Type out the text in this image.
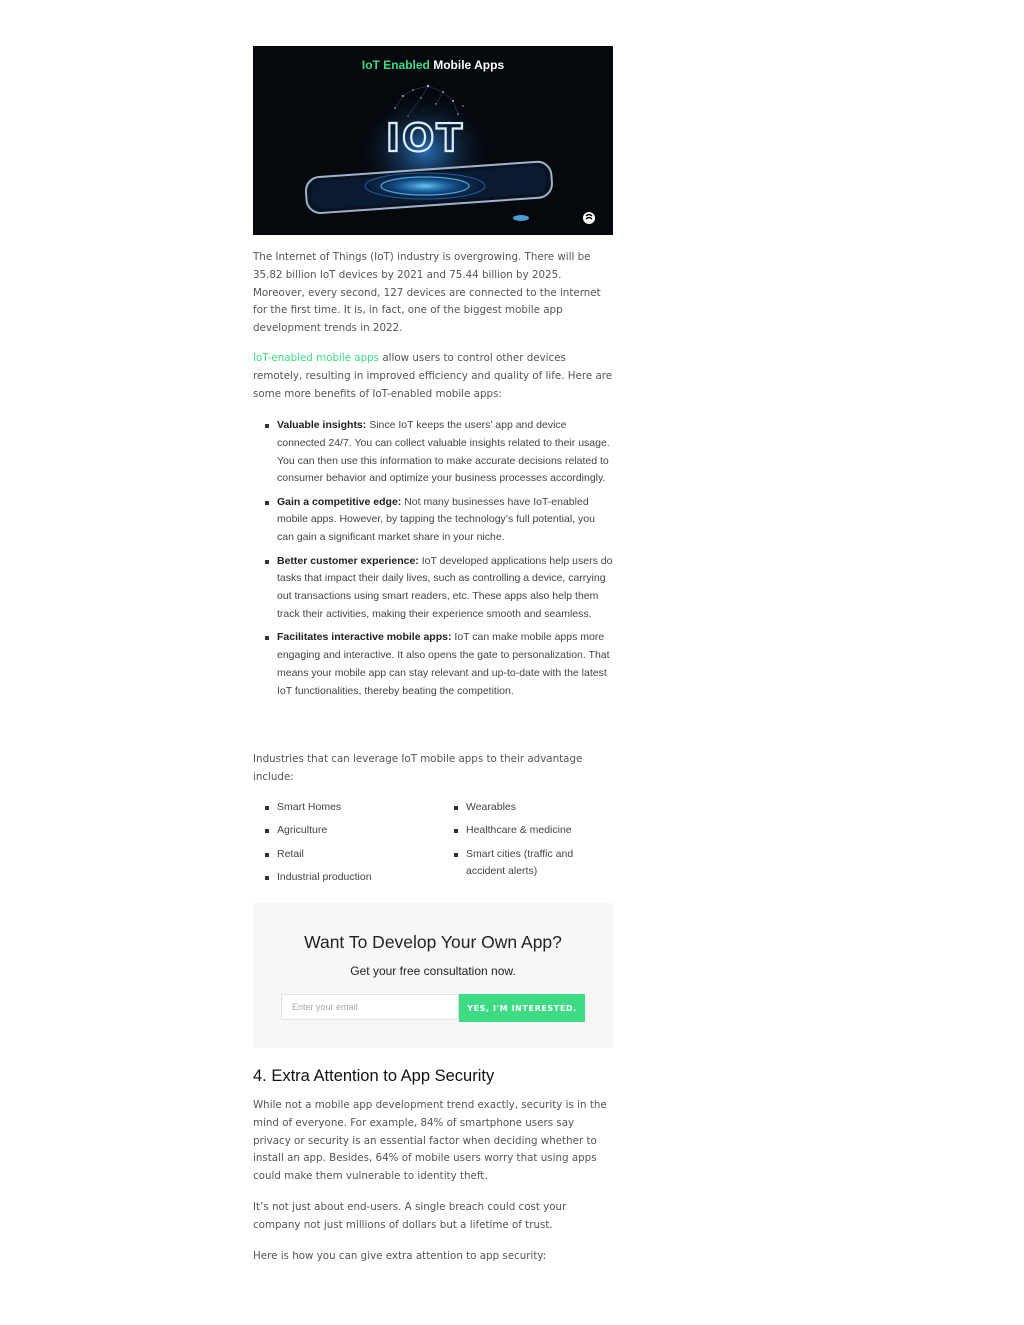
IOT
IoT Enabled Mobile Apps

The Internet of Things (IoT) industry is overgrowing. There will be 35.82 billion IoT devices by 2021 and 75.44 billion by 2025. Moreover, every second, 127 devices are connected to the internet for the first time. It is, in fact, one of the biggest mobile app development trends in 2022.

IoT-enabled mobile apps allow users to control other devices remotely, resulting in improved efficiency and quality of life. Here are some more benefits of IoT-enabled mobile apps:

Valuable insights: Since IoT keeps the users’ app and device connected 24/7. You can collect valuable insights related to their usage. You can then use this information to make accurate decisions related to consumer behavior and optimize your business processes accordingly.
Gain a competitive edge: Not many businesses have IoT-enabled mobile apps. However, by tapping the technology’s full potential, you can gain a significant market share in your niche.
Better customer experience: IoT developed applications help users do tasks that impact their daily lives, such as controlling a device, carrying out transactions using smart readers, etc. These apps also help them track their activities, making their experience smooth and seamless.
Facilitates interactive mobile apps: IoT can make mobile apps more engaging and interactive. It also opens the gate to personalization. That means your mobile app can stay relevant and up-to-date with the latest IoT functionalities, thereby beating the competition.

Industries that can leverage IoT mobile apps to their advantage include:

Smart Homes
Agriculture
Retail
Industrial production
Wearables
Healthcare & medicine
Smart cities (traffic and accident alerts)
Want To Develop Your Own App?
Get your free consultation now.
Enter your email
YES, I'M INTERESTED.
4. Extra Attention to App Security

While not a mobile app development trend exactly, security is in the mind of everyone. For example, 84% of smartphone users say privacy or security is an essential factor when deciding whether to install an app. Besides, 64% of mobile users worry that using apps could make them vulnerable to identity theft.

It’s not just about end-users. A single breach could cost your company not just millions of dollars but a lifetime of trust.

Here is how you can give extra attention to app security:
